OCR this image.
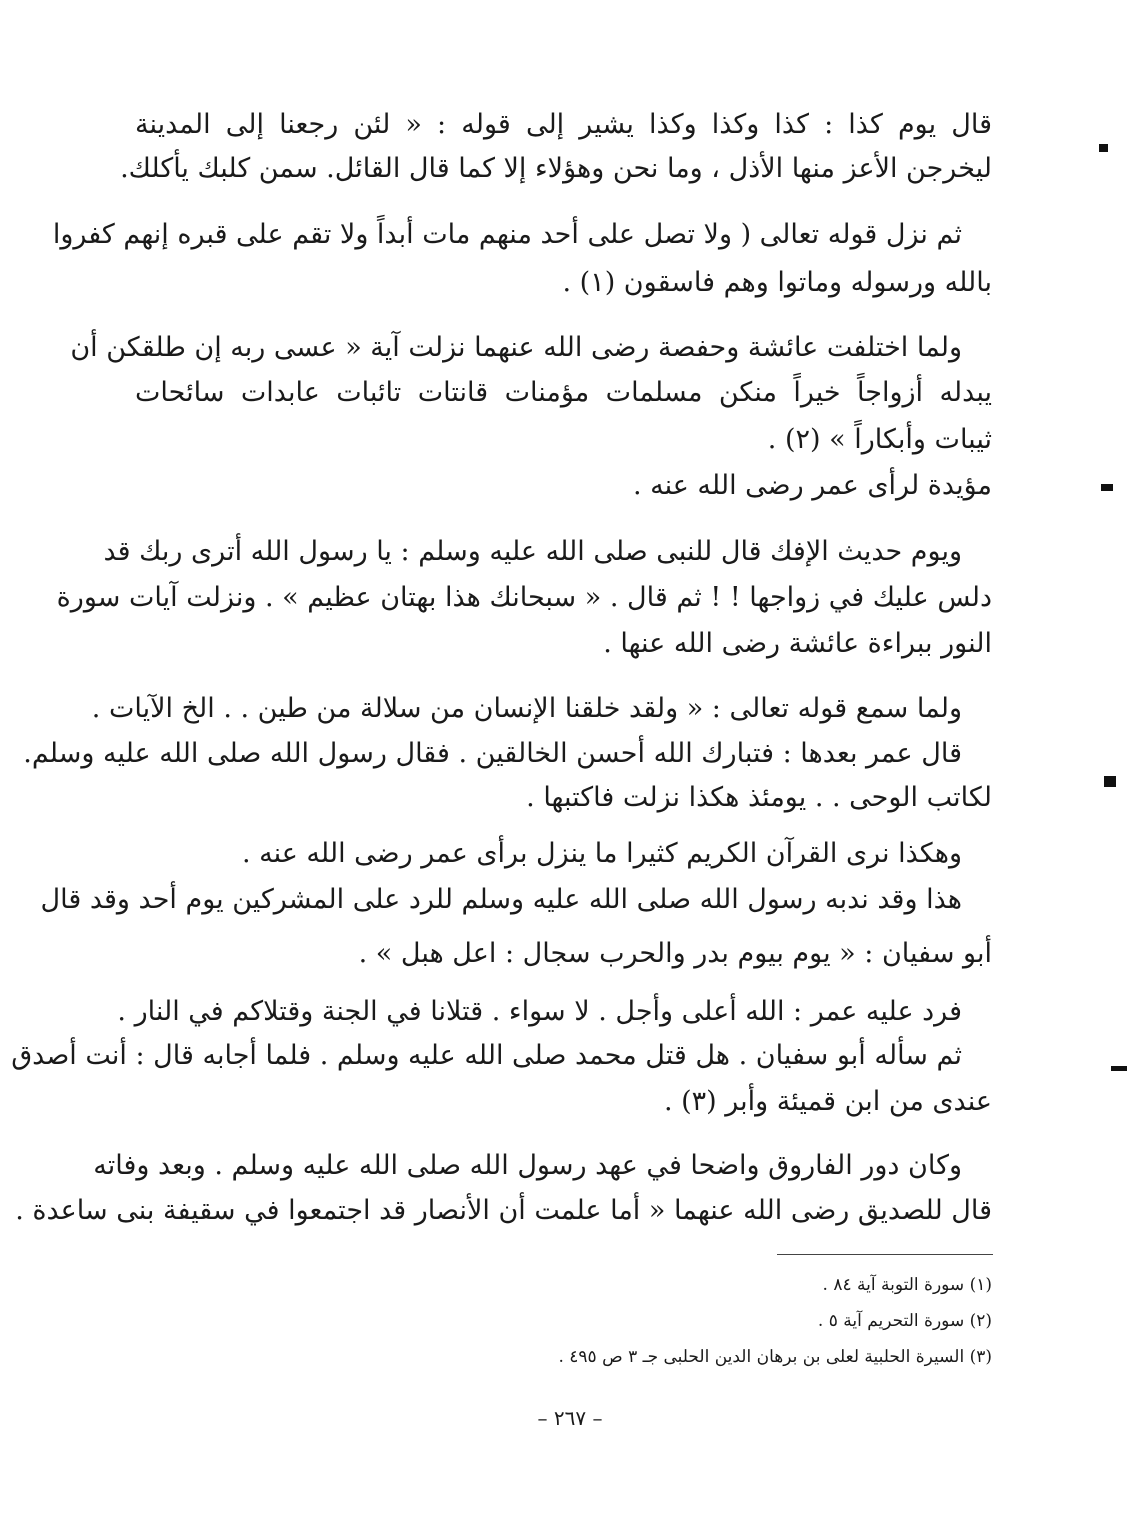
قال يوم كذا : كذا وكذا وكذا يشير إلى قوله : « لئن رجعنا إلى المدينة
ليخرجن الأعز منها الأذل ، وما نحن وهؤلاء إلا كما قال القائل. سمن كلبك يأكلك.
ثم نزل قوله تعالى ( ولا تصل على أحد منهم مات أبداً ولا تقم على قبره إنهم كفروا
بالله ورسوله وماتوا وهم فاسقون (١) .
ولما اختلفت عائشة وحفصة رضى الله عنهما نزلت آية « عسى ربه إن طلقكن أن
يبدله أزواجاً خيراً منكن مسلمات مؤمنات قانتات تائبات عابدات سائحات
ثيبات وأبكاراً » (٢) .
مؤيدة لرأى عمر رضى الله عنه .
ويوم حديث الإفك قال للنبى صلى الله عليه وسلم : يا رسول الله أترى ربك قد
دلس عليك في زواجها ! ! ثم قال . « سبحانك هذا بهتان عظيم » . ونزلت آيات سورة
النور ببراءة عائشة رضى الله عنها .
ولما سمع قوله تعالى : « ولقد خلقنا الإنسان من سلالة من طين . . الخ الآيات .
قال عمر بعدها : فتبارك الله أحسن الخالقين . فقال رسول الله صلى الله عليه وسلم.
لكاتب الوحى . . يومئذ هكذا نزلت فاكتبها .
وهكذا نرى القرآن الكريم كثيرا ما ينزل برأى عمر رضى الله عنه .
هذا وقد ندبه رسول الله صلى الله عليه وسلم للرد على المشركين يوم أحد وقد قال
أبو سفيان : « يوم بيوم بدر والحرب سجال : اعل هبل » .
فرد عليه عمر : الله أعلى وأجل . لا سواء . قتلانا في الجنة وقتلاكم في النار .
ثم سأله أبو سفيان . هل قتل محمد صلى الله عليه وسلم . فلما أجابه قال : أنت أصدق
عندى من ابن قميئة وأبر (٣) .
وكان دور الفاروق واضحا في عهد رسول الله صلى الله عليه وسلم . وبعد وفاته
قال للصديق رضى الله عنهما « أما علمت أن الأنصار قد اجتمعوا في سقيفة بنى ساعدة .
(١) سورة التوبة آية ٨٤ .
(٢) سورة التحريم آية ٥ .
(٣) السيرة الحلبية لعلى بن برهان الدين الحلبى جـ ٣ ص ٤٩٥ .
– ٢٦٧ –
